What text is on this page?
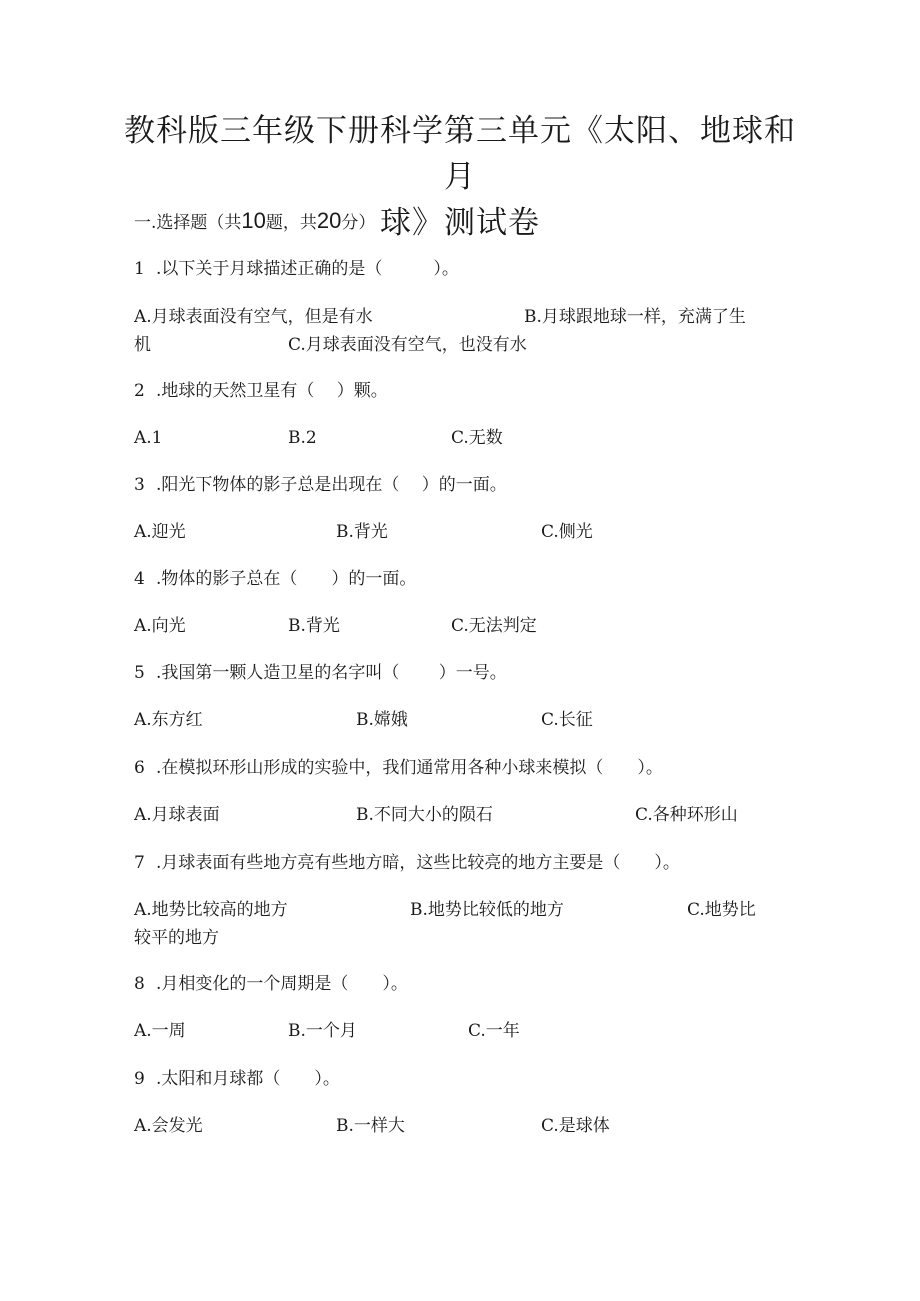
教科版三年级下册科学第三单元《太阳、地球和月
球》测试卷
一.选择题（共10题，共20分）
1 .以下关于月球描述正确的是（　　　）。
A.月球表面没有空气，但是有水	B.月球跟地球一样，充满了生
机	C.月球表面没有空气，也没有水
2 .地球的天然卫星有（　 ）颗。
A.1	B.2	C.无数
3 .阳光下物体的影子总是出现在（　 ）的一面。
A.迎光	B.背光	C.侧光
4 .物体的影子总在（　　）的一面。
A.向光	B.背光	C.无法判定
5 .我国第一颗人造卫星的名字叫（　　 ）一号。
A.东方红	B.嫦娥	C.长征
6 .在模拟环形山形成的实验中，我们通常用各种小球来模拟（　　）。
A.月球表面	B.不同大小的陨石	C.各种环形山
7 .月球表面有些地方亮有些地方暗，这些比较亮的地方主要是（　　）。
A.地势比较高的地方	B.地势比较低的地方	C.地势比
较平的地方
8 .月相变化的一个周期是（　　）。
A.一周	B.一个月	C.一年
9 .太阳和月球都（　　）。
A.会发光	B.一样大	C.是球体
